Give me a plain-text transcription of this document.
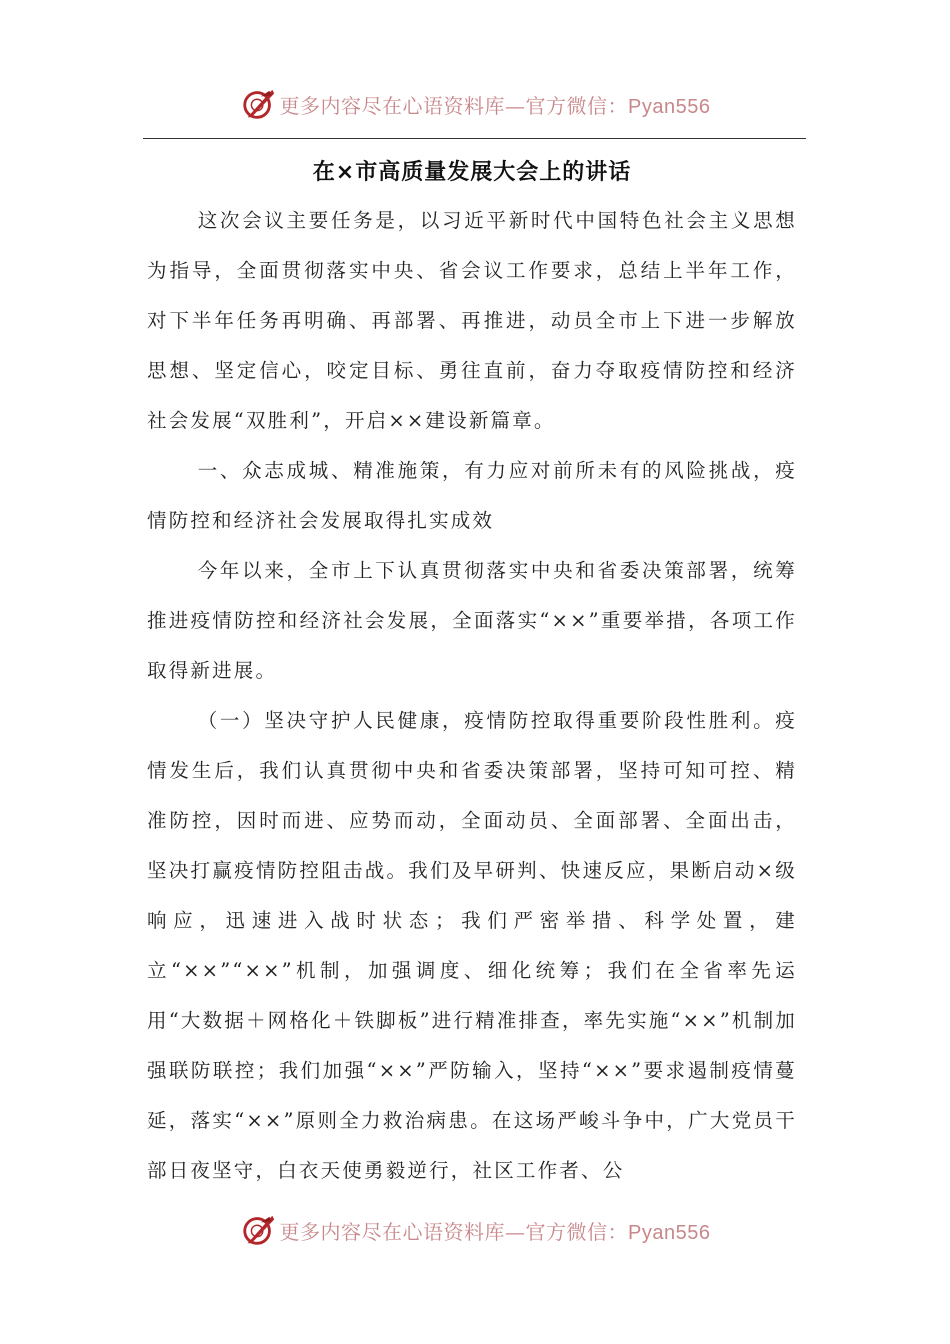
更多内容尽在心语资料库—官方微信：Pyan556
在×市高质量发展大会上的讲话

这次会议主要任务是，以习近平新时代中国特色社会主义思想为指导，全面贯彻落实中央、省会议工作要求，总结上半年工作，对下半年任务再明确、再部署、再推进，动员全市上下进一步解放思想、坚定信心，咬定目标、勇往直前，奋力夺取疫情防控和经济社会发展“双胜利”，开启××建设新篇章。

一、众志成城、精准施策，有力应对前所未有的风险挑战，疫情防控和经济社会发展取得扎实成效

今年以来，全市上下认真贯彻落实中央和省委决策部署，统筹推进疫情防控和经济社会发展，全面落实“××”重要举措，各项工作取得新进展。

（一）坚决守护人民健康，疫情防控取得重要阶段性胜利。疫情发生后，我们认真贯彻中央和省委决策部署，坚持可知可控、精准防控，因时而进、应势而动，全面动员、全面部署、全面出击，坚决打赢疫情防控阻击战。我们及早研判、快速反应，果断启动×级响应，迅速进入战时状态；我们严密举措、科学处置，建立“××”“××”机制，加强调度、细化统筹；我们在全省率先运用“大数据＋网格化＋铁脚板”进行精准排查，率先实施“××”机制加强联防联控；我们加强“××”严防输入，坚持“××”要求遏制疫情蔓延，落实“××”原则全力救治病患。在这场严峻斗争中，广大党员干部日夜坚守，白衣天使勇毅逆行，社区工作者、公

更多内容尽在心语资料库—官方微信：Pyan556
